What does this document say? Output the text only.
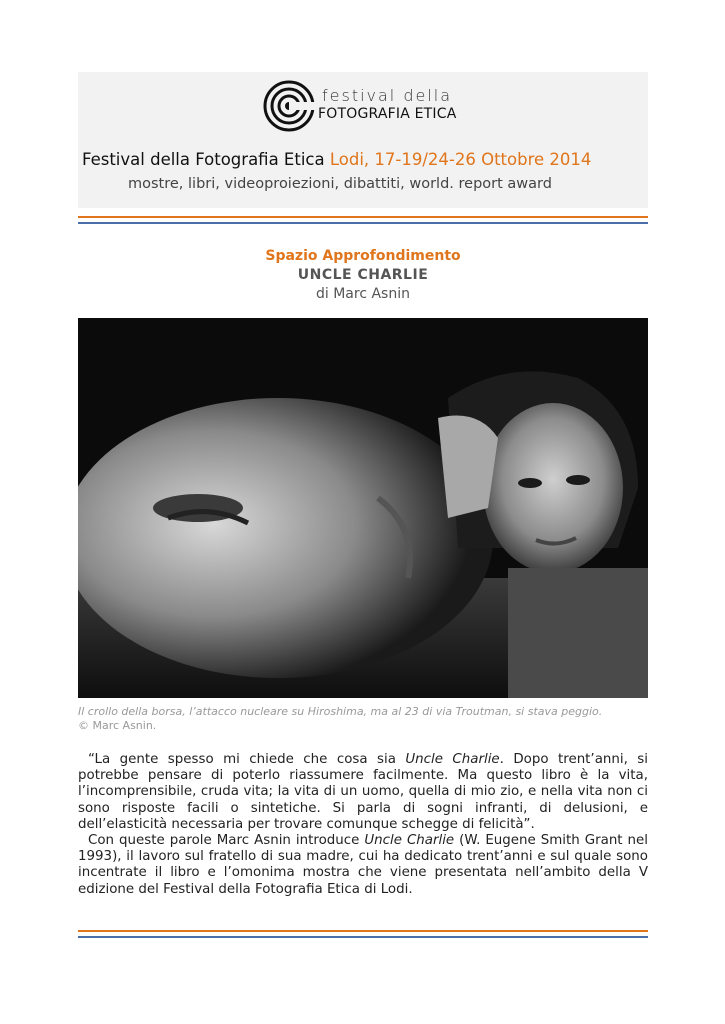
festival della
FOTOGRAFIA ETICA
Festival della Fotografia Etica Lodi, 17-19/24-26 Ottobre 2014
mostre, libri, videoproiezioni, dibattiti, world. report award
Spazio Approfondimento
UNCLE CHARLIE
di Marc Asnin
Il crollo della borsa, l’attacco nucleare su Hiroshima, ma al 23 di via Troutman, si stava peggio.
© Marc Asnin.

“La gente spesso mi chiede che cosa sia Uncle Charlie. Dopo trent’anni, si potrebbe pensare di poterlo riassumere facilmente. Ma questo libro è la vita, l’incomprensibile, cruda vita; la vita di un uomo, quella di mio zio, e nella vita non ci sono risposte facili o sintetiche. Si parla di sogni infranti, di delusioni, e dell’elasticità necessaria per trovare comunque schegge di felicità”.

Con queste parole Marc Asnin introduce Uncle Charlie (W. Eugene Smith Grant nel 1993), il lavoro sul fratello di sua madre, cui ha dedicato trent’anni e sul quale sono incentrate il libro e l’omonima mostra che viene presentata nell’ambito della V edizione del Festival della Fotografia Etica di Lodi.
